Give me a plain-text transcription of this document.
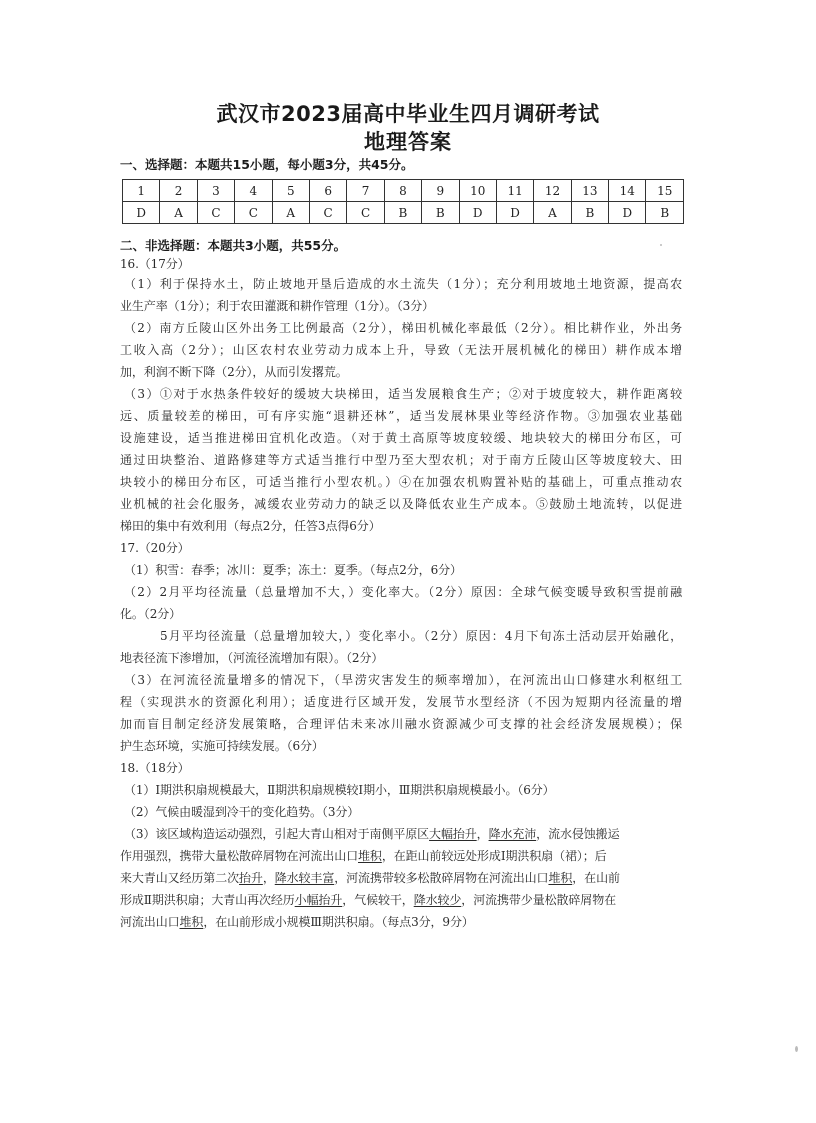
武汉市2023届高中毕业生四月调研考试
地理答案
一、选择题：本题共15小题，每小题3分，共45分。
1	2	3	4	5	6	7	8	9	10	11	12	13	14	15
D	A	C	C	A	C	C	B	B	D	D	A	B	D	B
二、非选择题：本题共3小题，共55分。
16.（17分）
（1）利于保持水土，防止坡地开垦后造成的水土流失（1分）；充分利用坡地土地资源，提高农
业生产率（1分）；利于农田灌溉和耕作管理（1分）。（3分）
（2）南方丘陵山区外出务工比例最高（2分），梯田机械化率最低（2分）。相比耕作业，外出务
工收入高（2分）；山区农村农业劳动力成本上升，导致（无法开展机械化的梯田）耕作成本增
加，利润不断下降（2分），从而引发撂荒。
（3）①对于水热条件较好的缓坡大块梯田，适当发展粮食生产；②对于坡度较大，耕作距离较
远、质量较差的梯田，可有序实施“退耕还林”，适当发展林果业等经济作物。③加强农业基础
设施建设，适当推进梯田宜机化改造。（对于黄土高原等坡度较缓、地块较大的梯田分布区，可
通过田块整治、道路修建等方式适当推行中型乃至大型农机；对于南方丘陵山区等坡度较大、田
块较小的梯田分布区，可适当推行小型农机。）④在加强农机购置补贴的基础上，可重点推动农
业机械的社会化服务，减缓农业劳动力的缺乏以及降低农业生产成本。⑤鼓励土地流转，以促进
梯田的集中有效利用（每点2分，任答3点得6分）
17.（20分）
（1）积雪：春季；冰川：夏季；冻土：夏季。（每点2分，6分）
（2）2月平均径流量（总量增加不大，）变化率大。（2分）原因：全球气候变暖导致积雪提前融
化。（2分）
5月平均径流量（总量增加较大，）变化率小。（2分）原因：4月下旬冻土活动层开始融化，
地表径流下渗增加，（河流径流增加有限）。（2分）
（3）在河流径流量增多的情况下，（旱涝灾害发生的频率增加），在河流出山口修建水利枢纽工
程（实现洪水的资源化利用）；适度进行区域开发，发展节水型经济（不因为短期内径流量的增
加而盲目制定经济发展策略，合理评估未来冰川融水资源减少可支撑的社会经济发展规模）；保
护生态环境，实施可持续发展。（6分）
18.（18分）
（1）Ⅰ期洪积扇规模最大，Ⅱ期洪积扇规模较Ⅰ期小，Ⅲ期洪积扇规模最小。（6分）
（2）气候由暖湿到冷干的变化趋势。（3分）
（3）该区域构造运动强烈，引起大青山相对于南侧平原区大幅抬升，降水充沛，流水侵蚀搬运
作用强烈，携带大量松散碎屑物在河流出山口堆积，在距山前较远处形成Ⅰ期洪积扇（裙）；后
来大青山又经历第二次抬升，降水较丰富，河流携带较多松散碎屑物在河流出山口堆积，在山前
形成Ⅱ期洪积扇；大青山再次经历小幅抬升，气候较干，降水较少，河流携带少量松散碎屑物在
河流出山口堆积，在山前形成小规模Ⅲ期洪积扇。（每点3分，9分）
